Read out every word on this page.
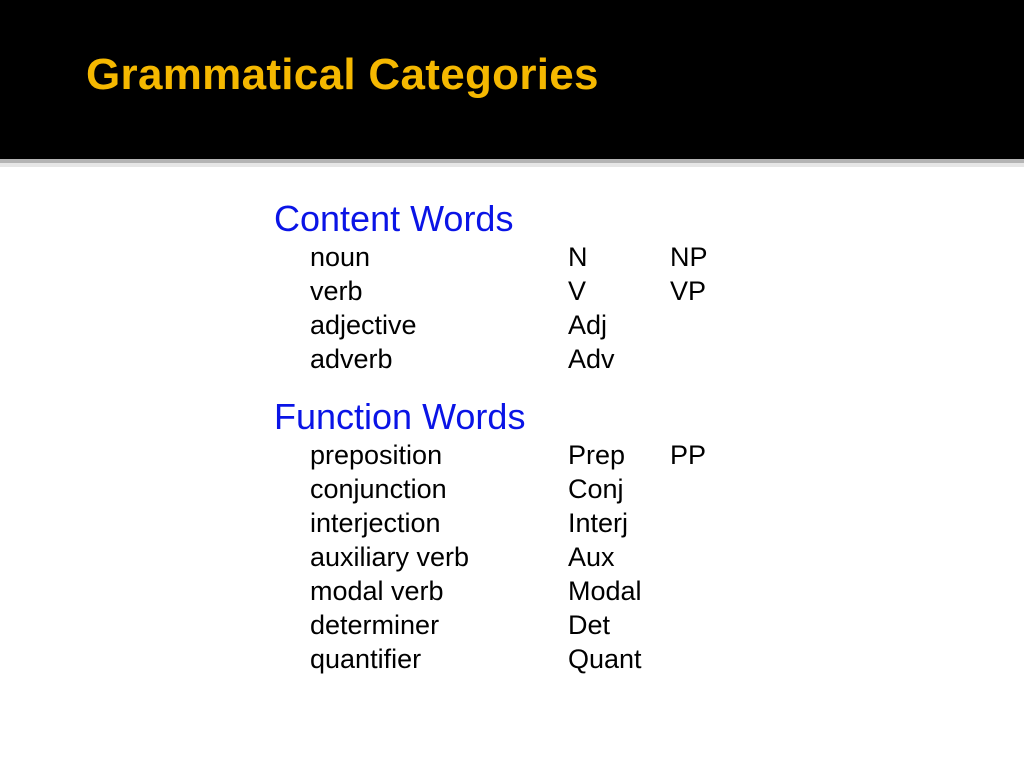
Grammatical Categories
Content Words
noun	N	NP
verb	V	VP
adjective	Adj
adverb	Adv
Function Words
preposition	Prep	PP
conjunction	Conj
interjection	Interj
auxiliary verb	Aux
modal verb	Modal
determiner	Det
quantifier	Quant
